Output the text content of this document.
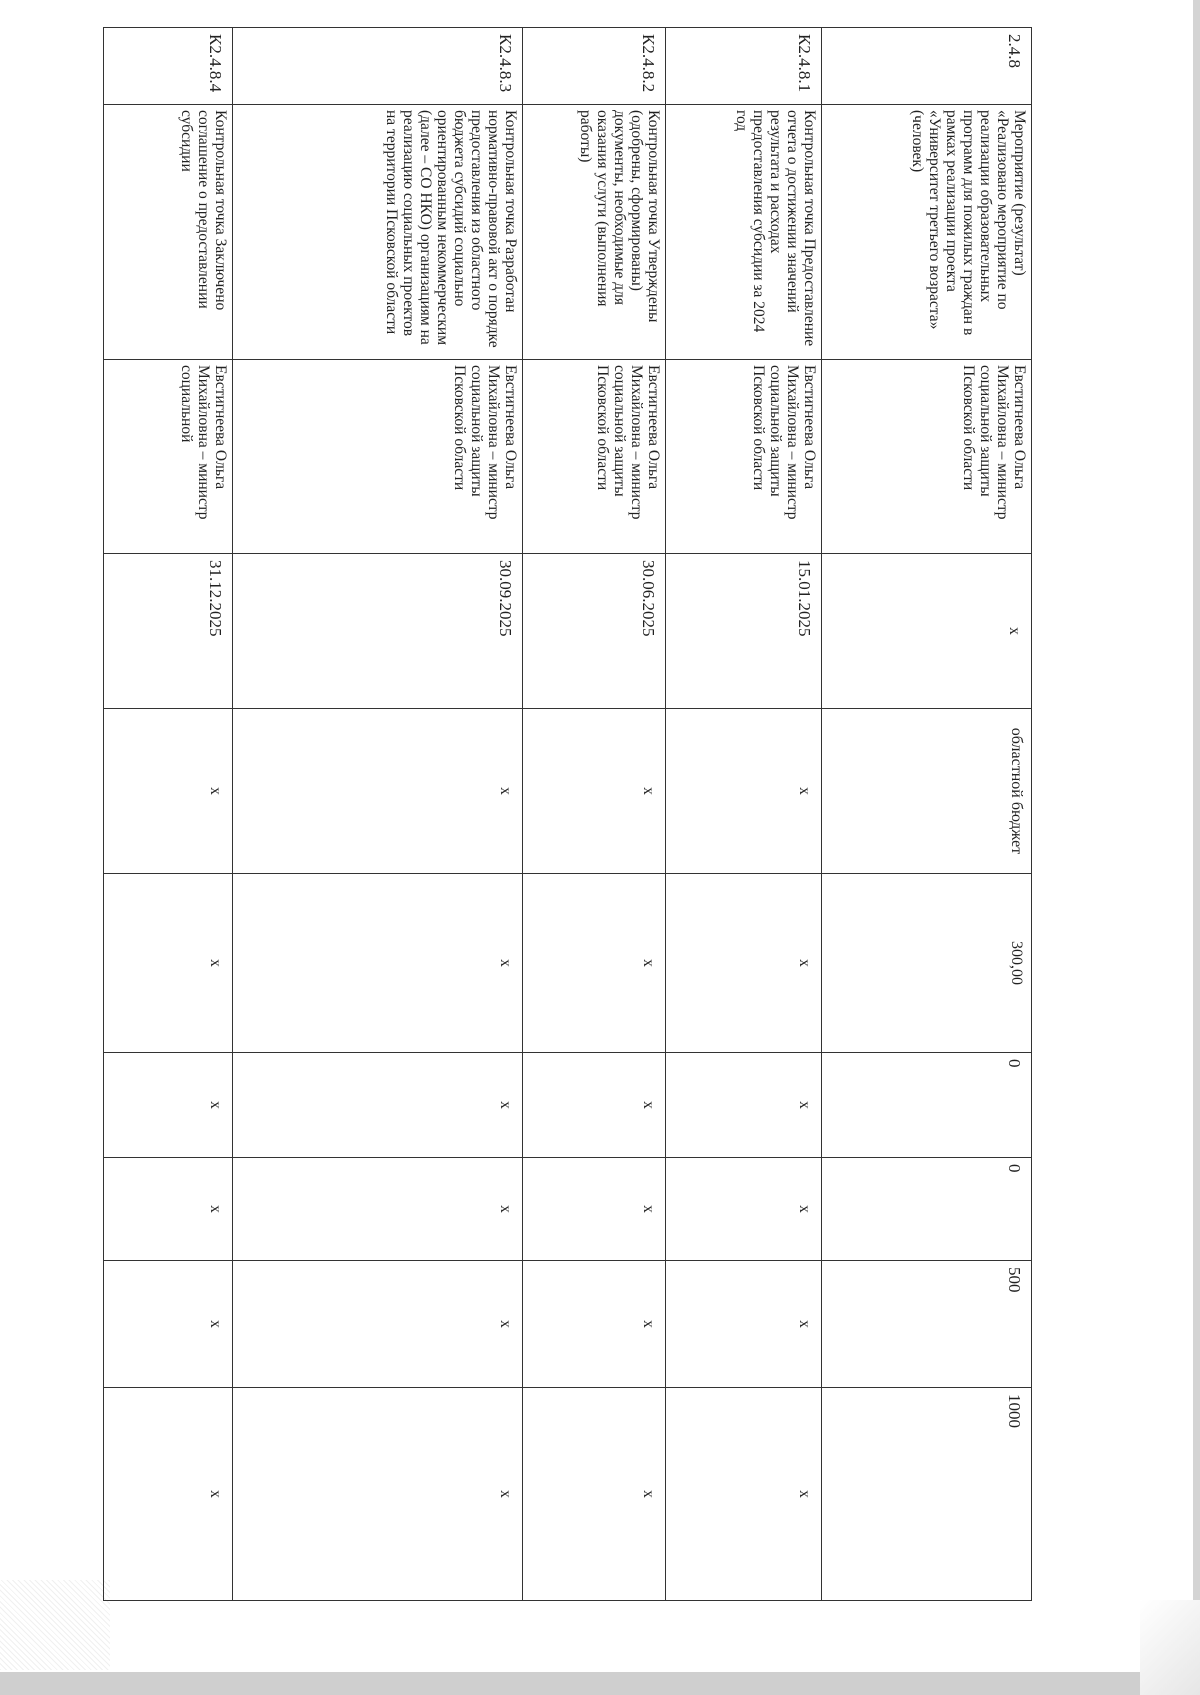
2.4.8	Мероприятие (результат) «Реализовано мероприятие по реализации образовательных программ для пожилых граждан в рамках реализации проекта «Университет третьего возраста» (человек)	Евстигнеева Ольга Михайловна – министр социальной защиты Псковской области	х	областной бюджет	300,00	0	0	500	1000
К2.4.8.1	Контрольная точка Предоставление отчета о достижении значений результата и расходах предоставления субсидии за 2024 год	Евстигнеева Ольга Михайловна – министр социальной защиты Псковской области	15.01.2025	х	х	х	х	х	х
К2.4.8.2	Контрольная точка Утверждены (одобрены, сформированы) документы, необходимые для оказания услуги (выполнения работы)	Евстигнеева Ольга Михайловна – министр социальной защиты Псковской области	30.06.2025	х	х	х	х	х	х
К2.4.8.3	Контрольная точка Разработан нормативно-правовой акт о порядке предоставления из областного бюджета субсидий социально ориентированным некоммерческим (далее – СО НКО) организациям на реализацию социальных проектов на территории Псковской области	Евстигнеева Ольга Михайловна – министр социальной защиты Псковской области	30.09.2025	х	х	х	х	х	х
К2.4.8.4	Контрольная точка Заключено соглашение о предоставлении субсидии	Евстигнеева Ольга Михайловна – министр социальной	31.12.2025	х	х	х	х	х	х
